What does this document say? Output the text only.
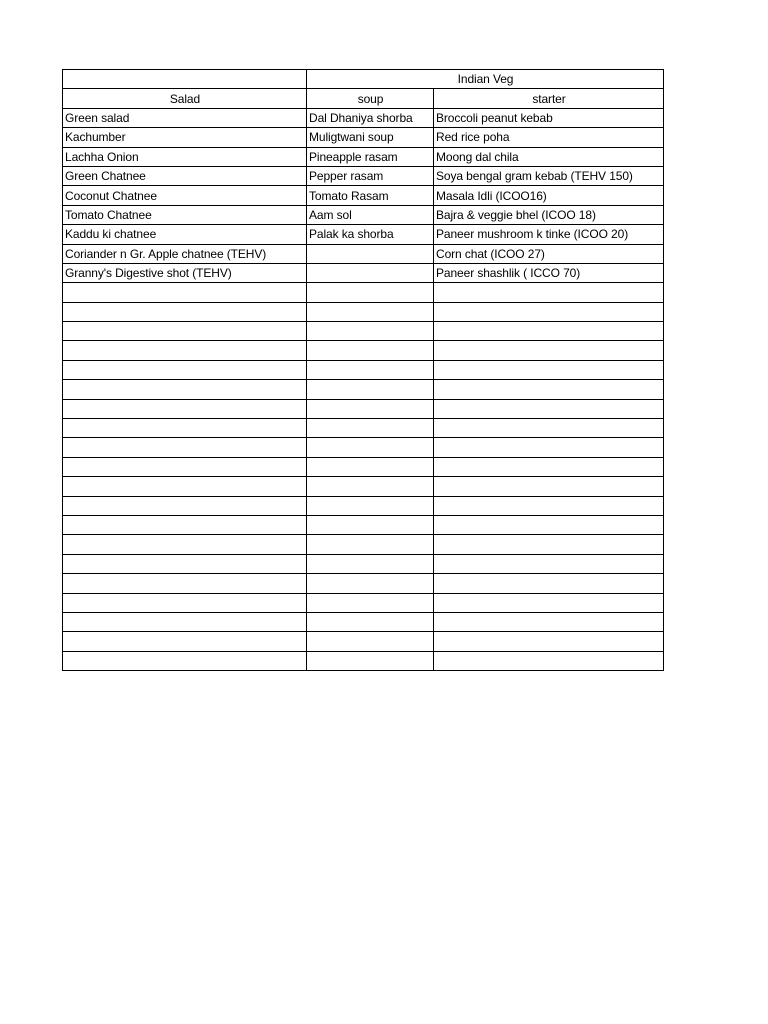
	Indian Veg	
Salad	soup	starter
Green salad	Dal Dhaniya shorba	Broccoli peanut kebab
Kachumber	Muligtwani soup	Red rice poha
Lachha Onion	Pineapple rasam	Moong dal chila
Green Chatnee	Pepper rasam	Soya bengal gram kebab (TEHV 150)
Coconut Chatnee	Tomato Rasam	Masala Idli (ICOO16)
Tomato Chatnee	Aam sol	Bajra & veggie bhel (ICOO 18)
Kaddu ki chatnee	Palak ka shorba	Paneer mushroom k tinke (ICOO 20)
Coriander n Gr. Apple chatnee (TEHV)		Corn chat (ICOO 27)
Granny's Digestive shot (TEHV)		Paneer shashlik ( ICCO 70)
